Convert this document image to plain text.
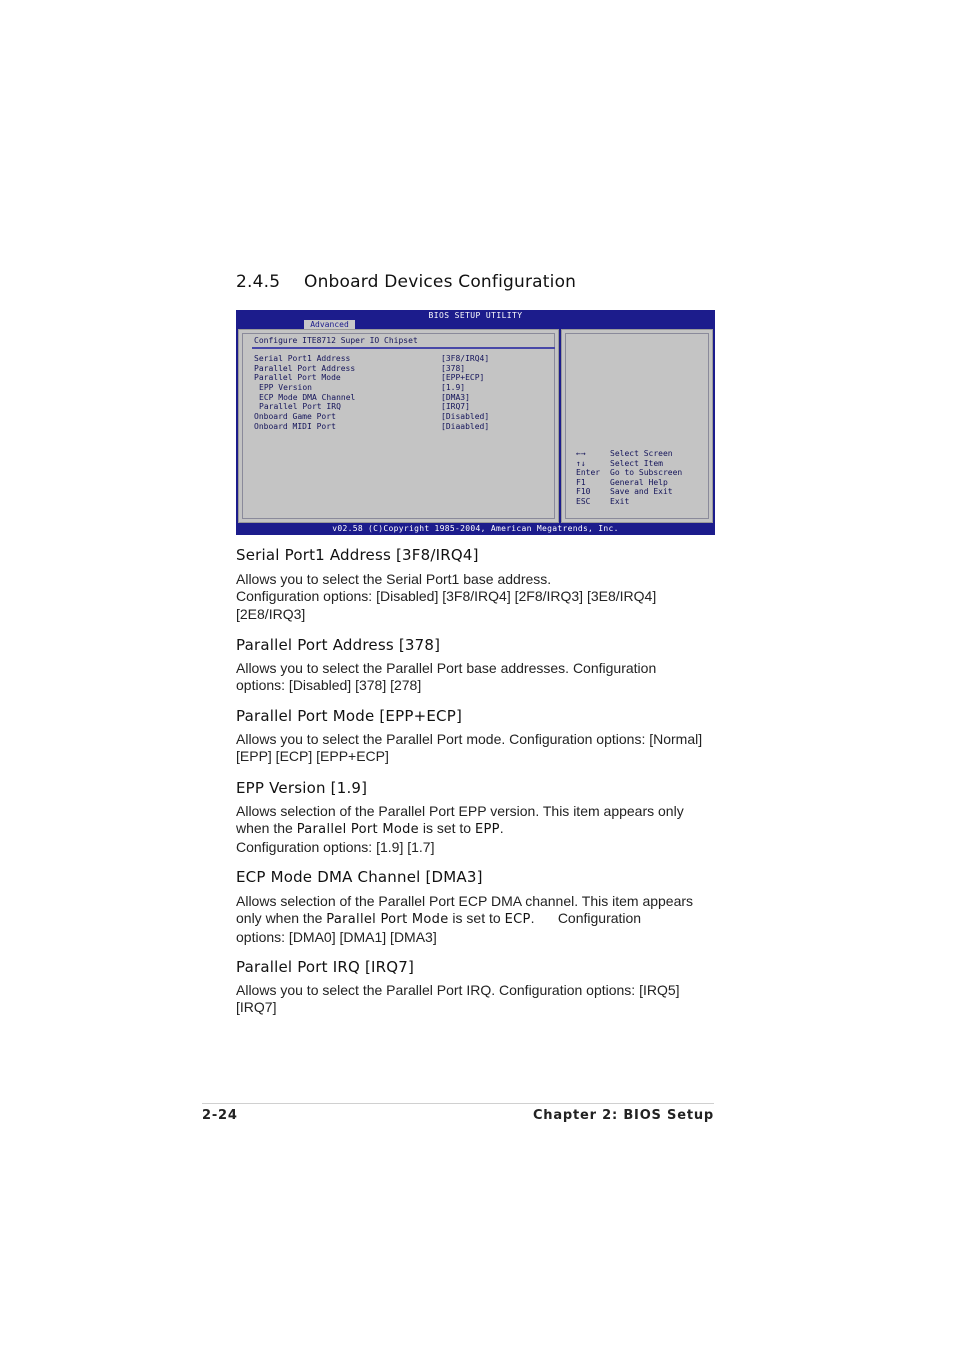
2.4.5 Onboard Devices Configuration
BIOS SETUP UTILITY
Advanced
Configure ITE8712 Super IO Chipset
Serial Port1 Address	[3F8/IRQ4]
Parallel Port Address	[378]
Parallel Port Mode	[EPP+ECP]
EPP Version	[1.9]
ECP Mode DMA Channel	[DMA3]
Parallel Port IRQ	[IRQ7]
Onboard Game Port	[Disabled]
Onboard MIDI Port	[Diaabled]
←→	Select Screen
↑↓	Select Item
Enter Go to Subscreen
F1	General Help
F10 Save and Exit
ESC Exit
v02.58 (C)Copyright 1985-2004, American Megatrends, Inc.
Serial Port1 Address [3F8/IRQ4]

Allows you to select the Serial Port1 base address.
Configuration options: [Disabled] [3F8/IRQ4] [2F8/IRQ3] [3E8/IRQ4]
[2E8/IRQ3]

Parallel Port Address [378]

Allows you to select the Parallel Port base addresses. Configuration
options: [Disabled] [378] [278]

Parallel Port Mode [EPP+ECP]

Allows you to select the Parallel Port mode. Configuration options: [Normal]
[EPP] [ECP] [EPP+ECP]

EPP Version [1.9]

Allows selection of the Parallel Port EPP version. This item appears only
when the Parallel Port Mode is set to EPP.
Configuration options: [1.9] [1.7]

ECP Mode DMA Channel [DMA3]

Allows selection of the Parallel Port ECP DMA channel. This item appears
only when the Parallel Port Mode is set to ECP.      Configuration
options: [DMA0] [DMA1] [DMA3]

Parallel Port IRQ [IRQ7]

Allows you to select the Parallel Port IRQ. Configuration options: [IRQ5]
[IRQ7]

2-24	Chapter 2: BIOS Setup
